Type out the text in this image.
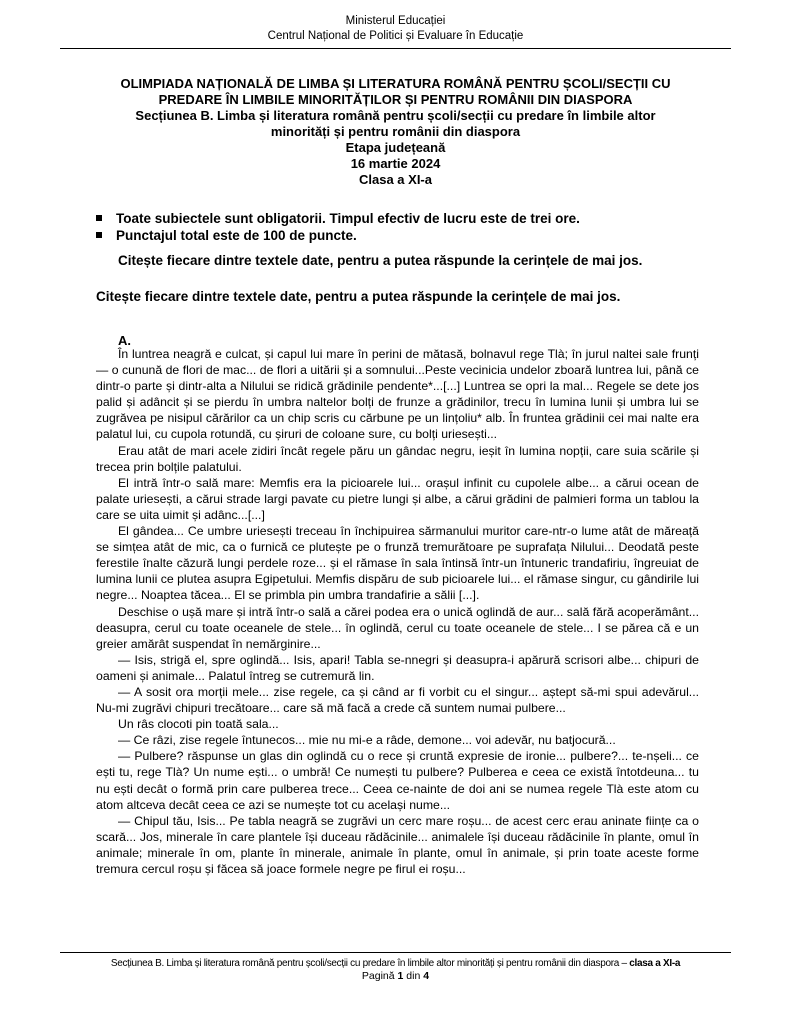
Ministerul Educației
Centrul Național de Politici și Evaluare în Educație
OLIMPIADA NAȚIONALĂ DE LIMBA ȘI LITERATURA ROMÂNĂ PENTRU ȘCOLI/SECȚII CU
PREDARE ÎN LIMBILE MINORITĂȚILOR ȘI PENTRU ROMÂNII DIN DIASPORA
Secțiunea B. Limba și literatura română pentru școli/secții cu predare în limbile altor
minorități și pentru românii din diaspora
Etapa județeană
16 martie 2024
Clasa a XI-a
Toate subiectele sunt obligatorii. Timpul efectiv de lucru este de trei ore.
Punctajul total este de 100 de puncte.
Citește fiecare dintre textele date, pentru a putea răspunde la cerințele de mai jos.
Citește fiecare dintre textele date, pentru a putea răspunde la cerințele de mai jos.
A.

În luntrea neagră e culcat, și capul lui mare în perini de mătasă, bolnavul rege Tlà; în jurul naltei sale frunți — o cunună de flori de mac... de flori a uitării și a somnului...Peste vecinicia undelor zboară luntrea lui, până ce dintr-o parte și dintr-alta a Nilului se ridică grădinile pendente*...[...] Luntrea se opri la mal... Regele se dete jos palid și adâncit și se pierdu în umbra naltelor bolți de frunze a grădinilor, trecu în lumina lunii și umbra lui se zugrăvea pe nisipul cărărilor ca un chip scris cu cărbune pe un lințoliu* alb. În fruntea grădinii cei mai nalte era palatul lui, cu cupola rotundă, cu șiruri de coloane sure, cu bolți uriesești...

Erau atât de mari acele zidiri încât regele păru un gândac negru, ieșit în lumina nopții, care suia scările și trecea prin bolțile palatului.

El intră într-o sală mare: Memfis era la picioarele lui... orașul infinit cu cupolele albe... a cărui ocean de palate uriesești, a cărui strade largi pavate cu pietre lungi și albe, a cărui grădini de palmieri forma un tablou la care se uita uimit și adânc...[...]

El gândea... Ce umbre uriesești treceau în închipuirea sărmanului muritor care-ntr-o lume atât de măreață se simțea atât de mic, ca o furnică ce plutește pe o frunză tremurătoare pe suprafața Nilului... Deodată peste ferestile înalte căzură lungi perdele roze... și el rămase în sala întinsă într-un întuneric trandafiriu, îngreuiat de lumina lunii ce plutea asupra Egipetului. Memfis dispăru de sub picioarele lui... el rămase singur, cu gândirile lui negre... Noaptea tăcea... El se primbla pin umbra trandafirie a sălii [...].

Deschise o ușă mare și intră într-o sală a cărei podea era o unică oglindă de aur... sală fără acoperământ... deasupra, cerul cu toate oceanele de stele... în oglindă, cerul cu toate oceanele de stele... I se părea că e un greier amărât suspendat în nemărginire...

— Isis, strigă el, spre oglindă... Isis, apari! Tabla se-nnegri și deasupra-i apărură scrisori albe... chipuri de oameni și animale... Palatul întreg se cutremură lin.

— A sosit ora morții mele... zise regele, ca și când ar fi vorbit cu el singur... aștept să-mi spui adevărul... Nu-mi zugrăvi chipuri trecătoare... care să mă facă a crede că suntem numai pulbere...

Un râs clocoti pin toată sala...

— Ce râzi, zise regele întunecos... mie nu mi-e a râde, demone... voi adevăr, nu batjocură...

— Pulbere? răspunse un glas din oglindă cu o rece și cruntă expresie de ironie... pulbere?... te-nșeli... ce ești tu, rege Tlà? Un nume ești... o umbră! Ce numești tu pulbere? Pulberea e ceea ce există întotdeuna... tu nu ești decât o formă prin care pulberea trece... Ceea ce-nainte de doi ani se numea regele Tlà este atom cu atom altceva decât ceea ce azi se numește tot cu același nume...

— Chipul tău, Isis... Pe tabla neagră se zugrăvi un cerc mare roșu... de acest cerc erau aninate ființe ca o scară... Jos, minerale în care plantele își duceau rădăcinile... animalele își duceau rădăcinile în plante, omul în animale; minerale în om, plante în minerale, animale în plante, omul în animale, și prin toate aceste forme tremura cercul roșu și făcea să joace formele negre pe firul ei roșu...

Secțiunea B. Limba și literatura română pentru școli/secții cu predare în limbile altor minorități și pentru românii din diaspora – clasa a XI-a
Pagină 1 din 4
